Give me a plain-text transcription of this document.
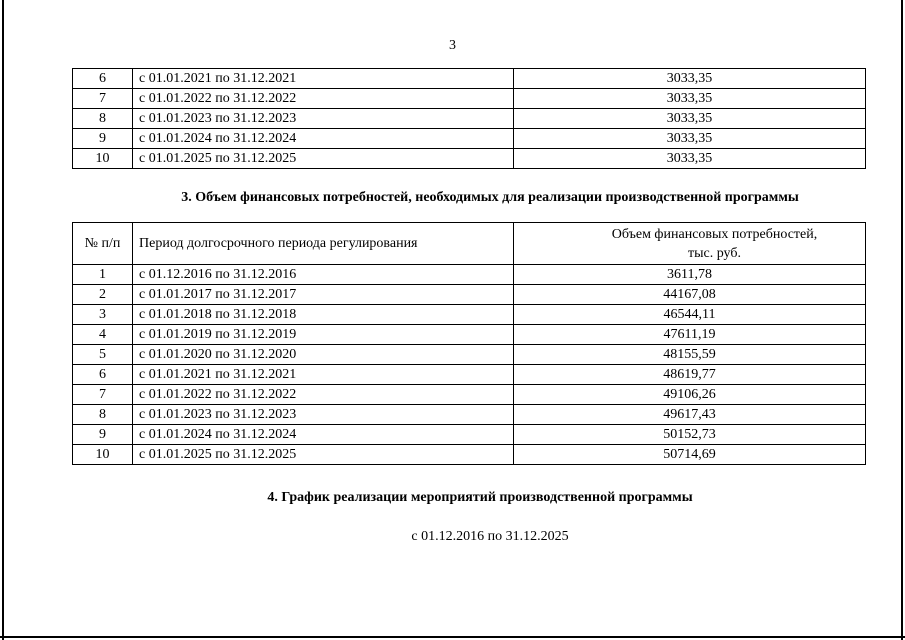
3
6	с 01.01.2021 по 31.12.2021	3033,35
7	с 01.01.2022 по 31.12.2022	3033,35
8	с 01.01.2023 по 31.12.2023	3033,35
9	с 01.01.2024 по 31.12.2024	3033,35
10	с 01.01.2025 по 31.12.2025	3033,35
3. Объем финансовых потребностей, необходимых для реализации производственной программы
№ п/п	Период долгосрочного периода регулирования	Объем финансовых потребностей,
тыс. руб.

1	с 01.12.2016 по 31.12.2016	3611,78
2	с 01.01.2017 по 31.12.2017	44167,08
3	с 01.01.2018 по 31.12.2018	46544,11
4	с 01.01.2019 по 31.12.2019	47611,19
5	с 01.01.2020 по 31.12.2020	48155,59
6	с 01.01.2021 по 31.12.2021	48619,77
7	с 01.01.2022 по 31.12.2022	49106,26
8	с 01.01.2023 по 31.12.2023	49617,43
9	с 01.01.2024 по 31.12.2024	50152,73
10	с 01.01.2025 по 31.12.2025	50714,69
4. График реализации мероприятий производственной программы
с 01.12.2016 по 31.12.2025
